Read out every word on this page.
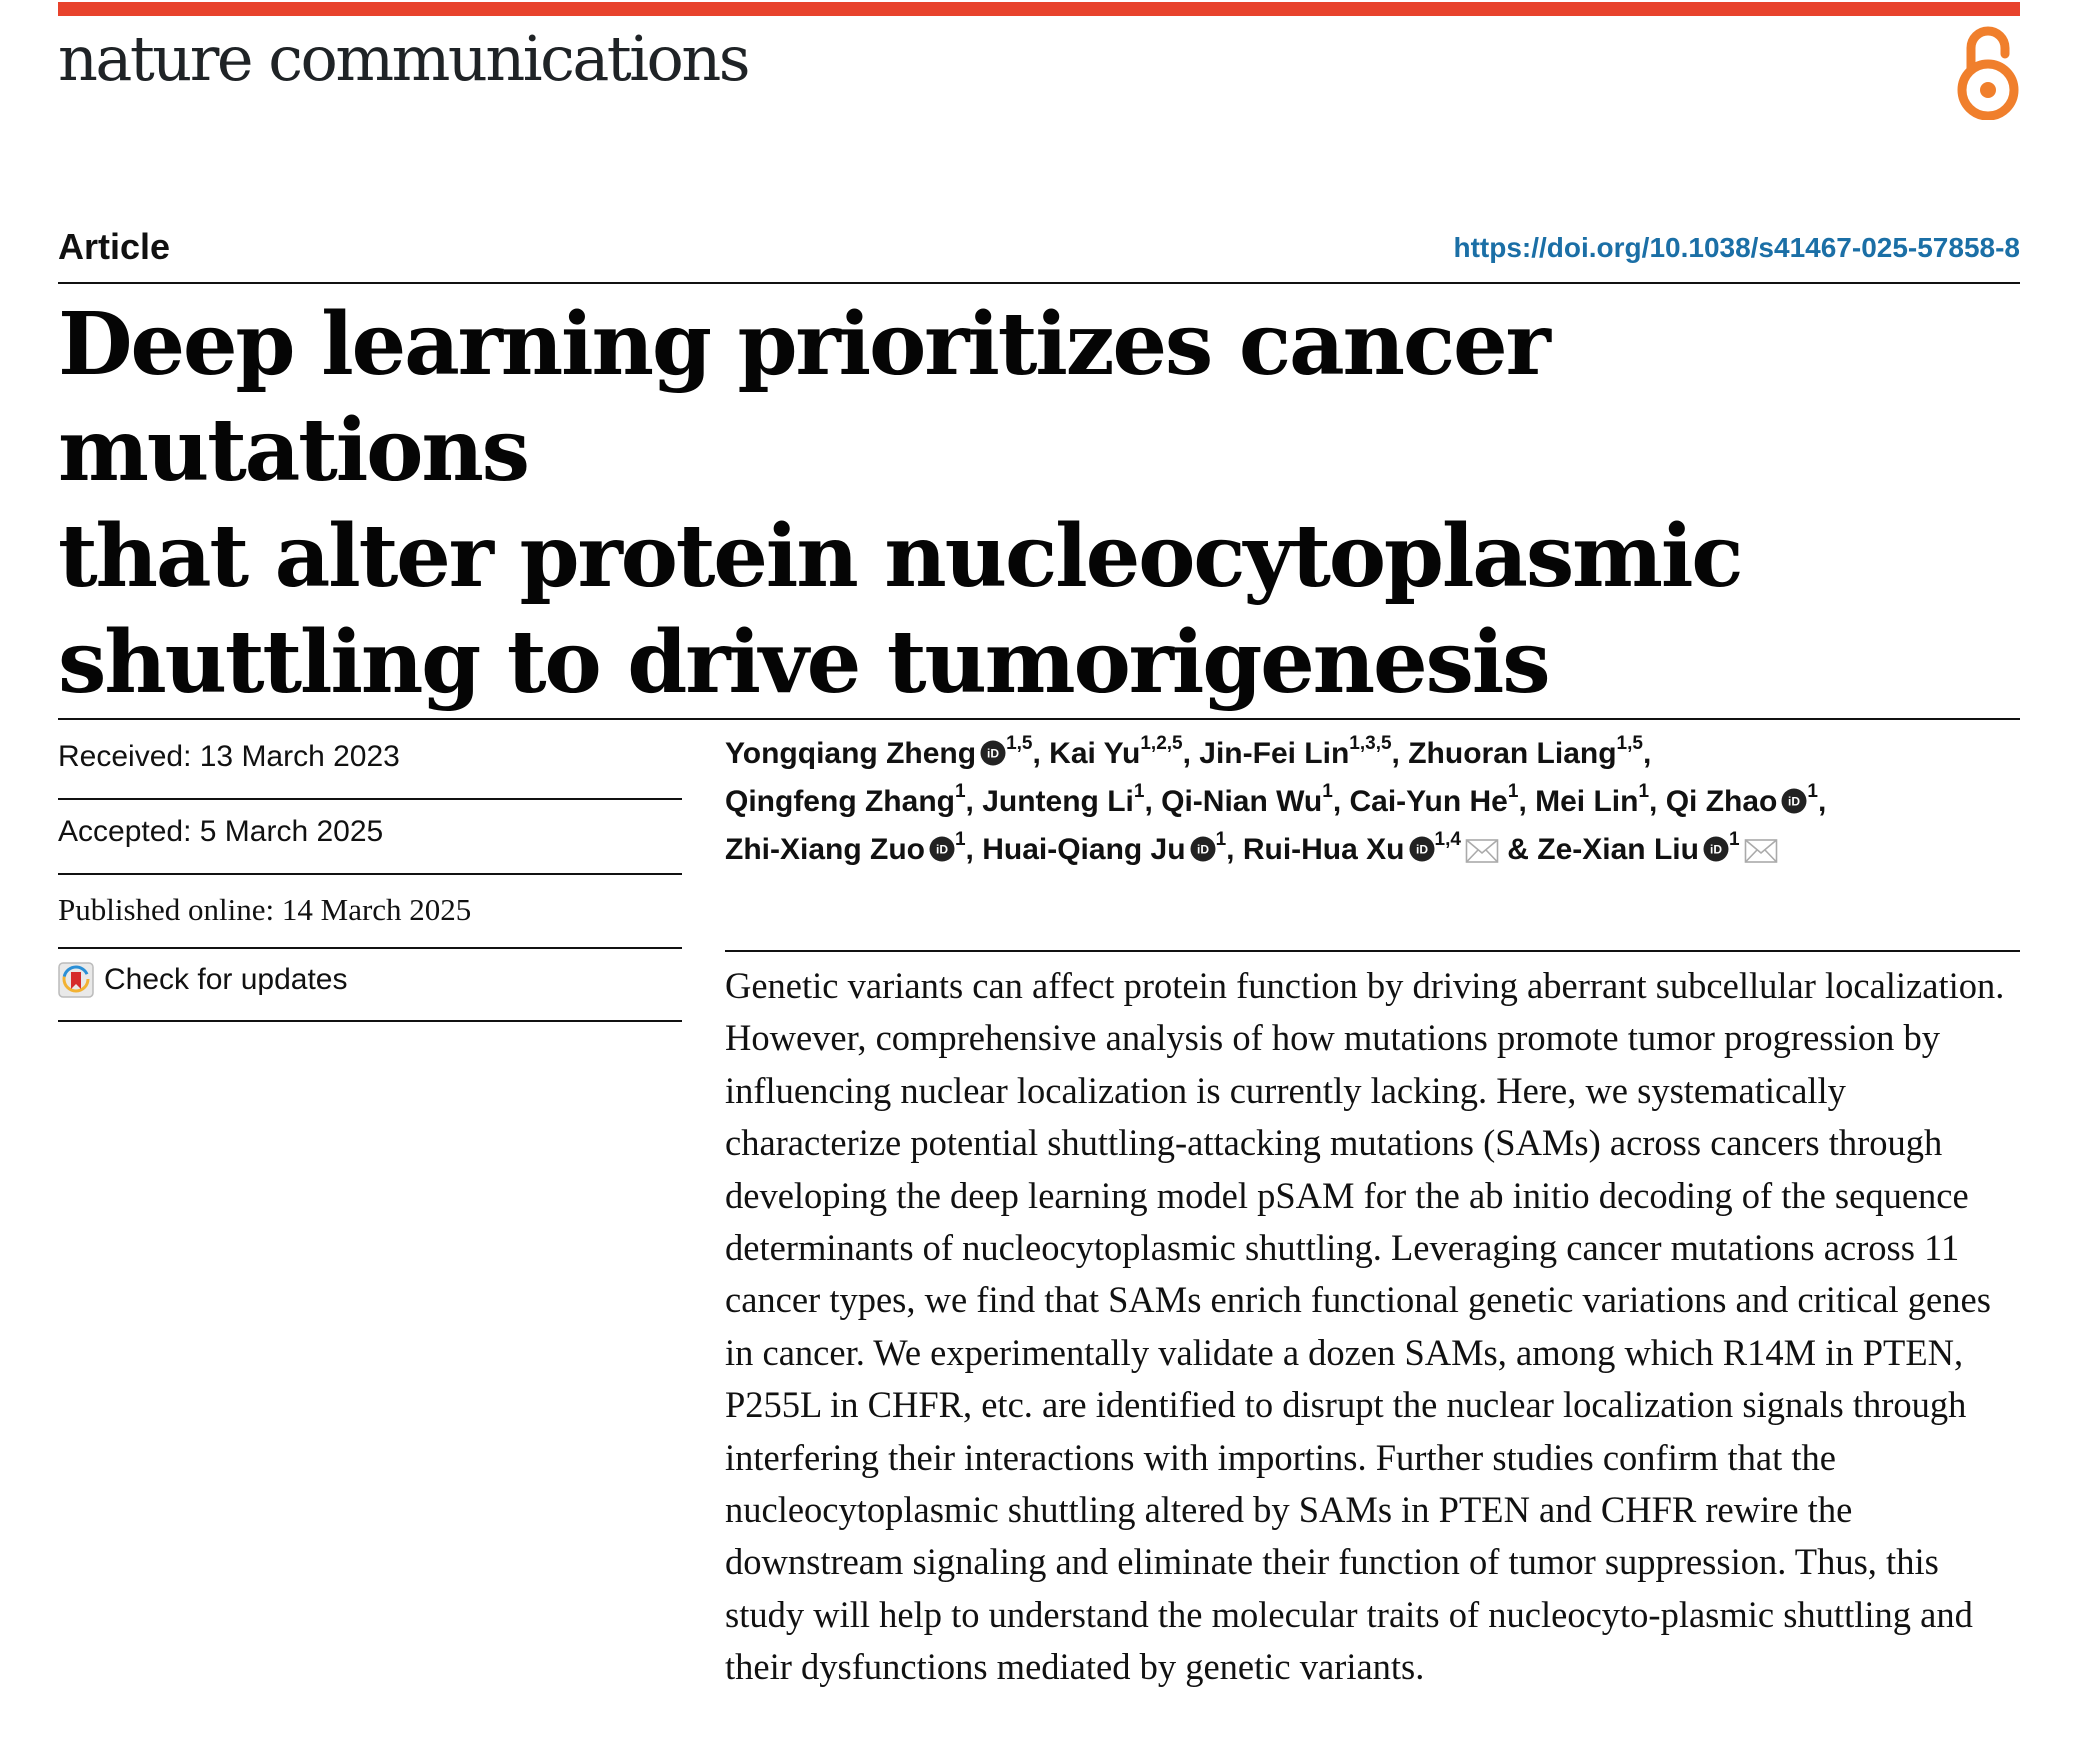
nature communications
Article	https://doi.org/10.1038/s41467-025-57858-8
Deep learning prioritizes cancer mutations
that alter protein nucleocytoplasmic
shuttling to drive tumorigenesis
Received: 13 March 2023
Accepted: 5 March 2025
Published online: 14 March 2025
Check for updates
Yongqiang Zheng iD $^{1,5}$, Kai Yu$^{1,2,5}$, Jin-Fei Lin$^{1,3,5}$, Zhuoran Liang$^{1,5}$,
Qingfeng Zhang$^1$, Junteng Li$^1$, Qi-Nian Wu$^1$, Cai-Yun He$^1$, Mei Lin$^1$, Qi Zhao iD $^1$,
Zhi-Xiang Zuo iD $^1$, Huai-Qiang Ju iD $^1$, Rui-Hua Xu iD $^{1,4}$ & Ze-Xian Liu iD $^1$

Genetic variants can affect protein function by driving aberrant subcellular localization. However, comprehensive analysis of how mutations promote tumor progression by influencing nuclear localization is currently lacking. Here, we systematically characterize potential shuttling-attacking mutations (SAMs) across cancers through developing the deep learning model pSAM for the ab initio decoding of the sequence determinants of nucleocytoplasmic shuttling. Leveraging cancer mutations across 11 cancer types, we find that SAMs enrich functional genetic variations and critical genes in cancer. We experimentally validate a dozen SAMs, among which R14M in PTEN, P255L in CHFR, etc. are identified to disrupt the nuclear localization signals through interfering their interactions with importins. Further studies confirm that the nucleocytoplasmic shuttling altered by SAMs in PTEN and CHFR rewire the downstream signaling and eliminate their function of tumor suppression. Thus, this study will help to understand the molecular traits of nucleocyto-plasmic shuttling and their dysfunctions mediated by genetic variants.
